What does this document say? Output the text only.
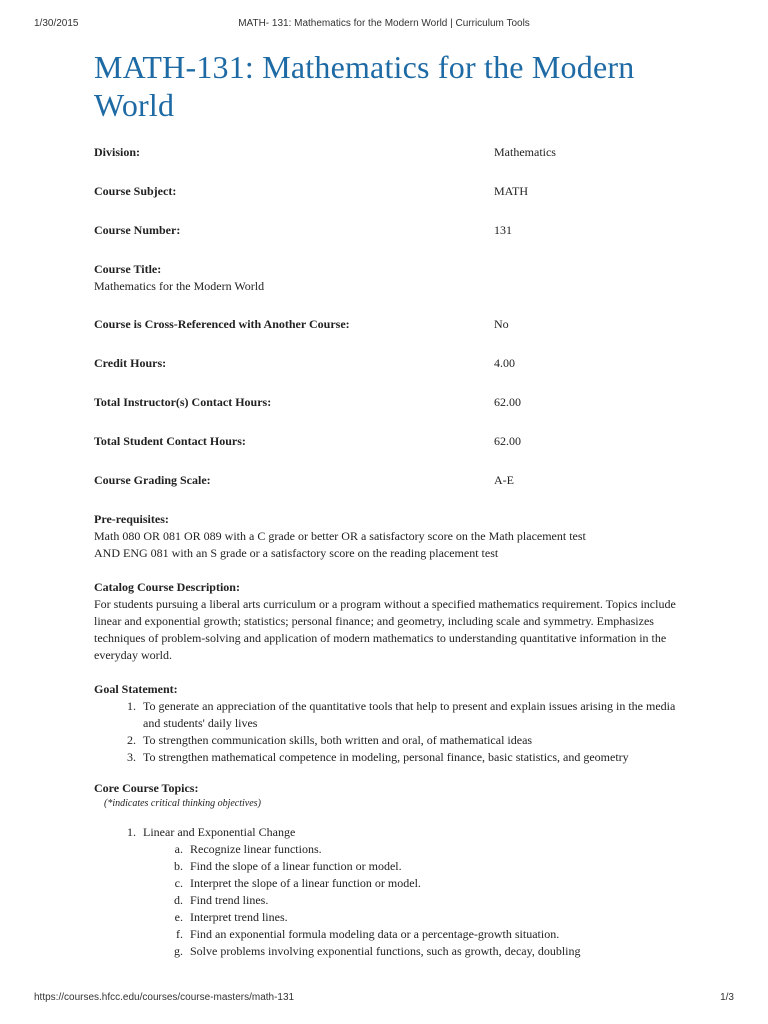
1/30/2015	MATH- 131: Mathematics for the Modern World | Curriculum Tools
MATH-131: Mathematics for the Modern World
Division:	Mathematics
Course Subject:	MATH
Course Number:	131
Course Title:
Mathematics for the Modern World
Course is Cross-Referenced with Another Course:	No
Credit Hours:	4.00
Total Instructor(s) Contact Hours:	62.00
Total Student Contact Hours:	62.00
Course Grading Scale:	A-E
Pre-requisites:
Math 080 OR 081 OR 089 with a C grade or better OR a satisfactory score on the Math placement test
AND ENG 081 with an S grade or a satisfactory score on the reading placement test
Catalog Course Description:
For students pursuing a liberal arts curriculum or a program without a specified mathematics requirement. Topics include linear and exponential growth; statistics; personal finance; and geometry, including scale and symmetry. Emphasizes techniques of problem-solving and application of modern mathematics to understanding quantitative information in the everyday world.
Goal Statement:
1. To generate an appreciation of the quantitative tools that help to present and explain issues arising in the media and students' daily lives
2. To strengthen communication skills, both written and oral, of mathematical ideas
3. To strengthen mathematical competence in modeling, personal finance, basic statistics, and geometry
Core Course Topics:
(*indicates critical thinking objectives)
1. Linear and Exponential Change
a. Recognize linear functions.
b. Find the slope of a linear function or model.
c. Interpret the slope of a linear function or model.
d. Find trend lines.
e. Interpret trend lines.
f. Find an exponential formula modeling data or a percentage-growth situation.
g. Solve problems involving exponential functions, such as growth, decay, doubling
https://courses.hfcc.edu/courses/course-masters/math-131	1/3
